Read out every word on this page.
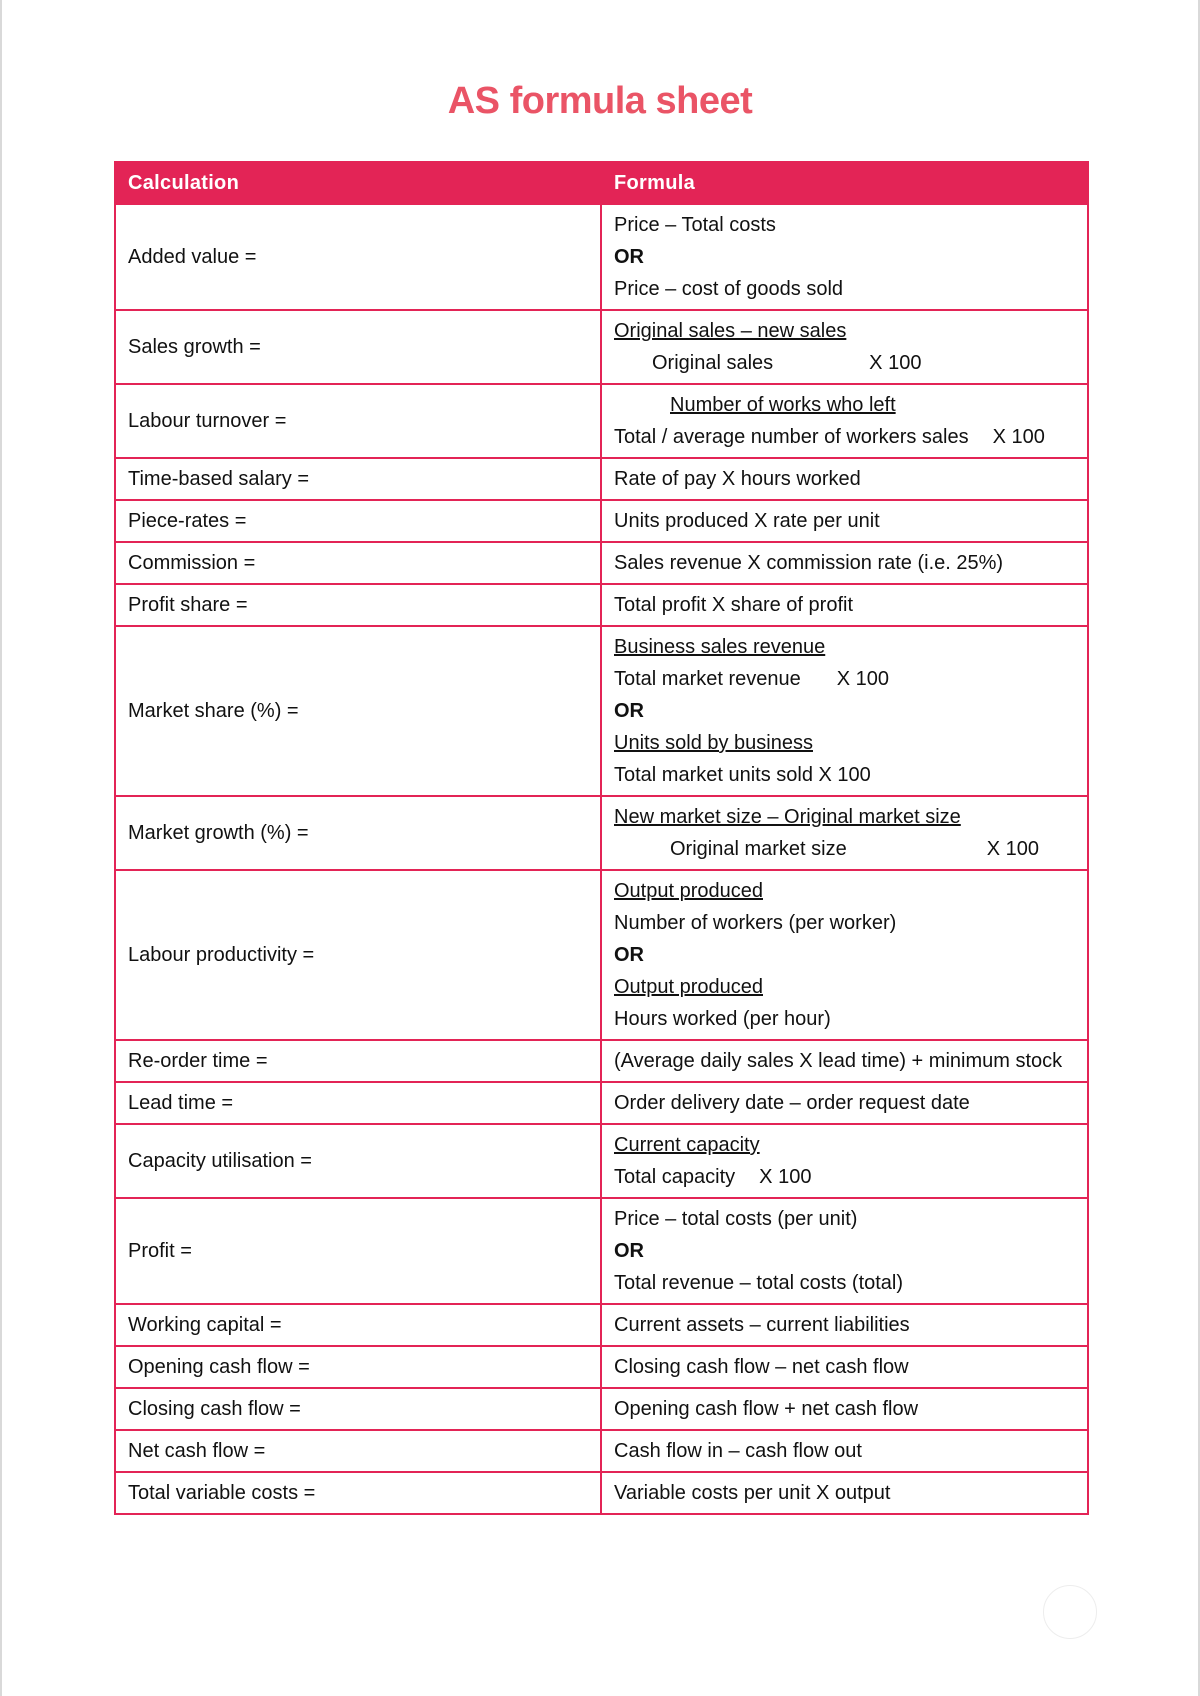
AS formula sheet
Calculation	Formula
Added value =	Price – Total costs
OR
Price – cost of goods sold

Sales growth =	Original sales – new sales
Original sales X 100

Labour turnover =	Number of works who left
Total / average number of workers sales X 100

Time-based salary =	Rate of pay X hours worked

Piece-rates =	Units produced X rate per unit

Commission =	Sales revenue X commission rate (i.e. 25%)

Profit share =	Total profit X share of profit

Market share (%) =	Business sales revenue
Total market revenue X 100
OR
Units sold by business
Total market units sold X 100

Market growth (%) =	New market size – Original market size
Original market size X 100

Labour productivity =	Output produced
Number of workers (per worker)
OR
Output produced
Hours worked (per hour)

Re-order time =	(Average daily sales X lead time) + minimum stock

Lead time =	Order delivery date – order request date

Capacity utilisation =	Current capacity
Total capacity X 100

Profit =	Price – total costs (per unit)
OR
Total revenue – total costs (total)

Working capital =	Current assets – current liabilities

Opening cash flow =	Closing cash flow – net cash flow

Closing cash flow =	Opening cash flow + net cash flow

Net cash flow =	Cash flow in – cash flow out

Total variable costs =	Variable costs per unit X output
